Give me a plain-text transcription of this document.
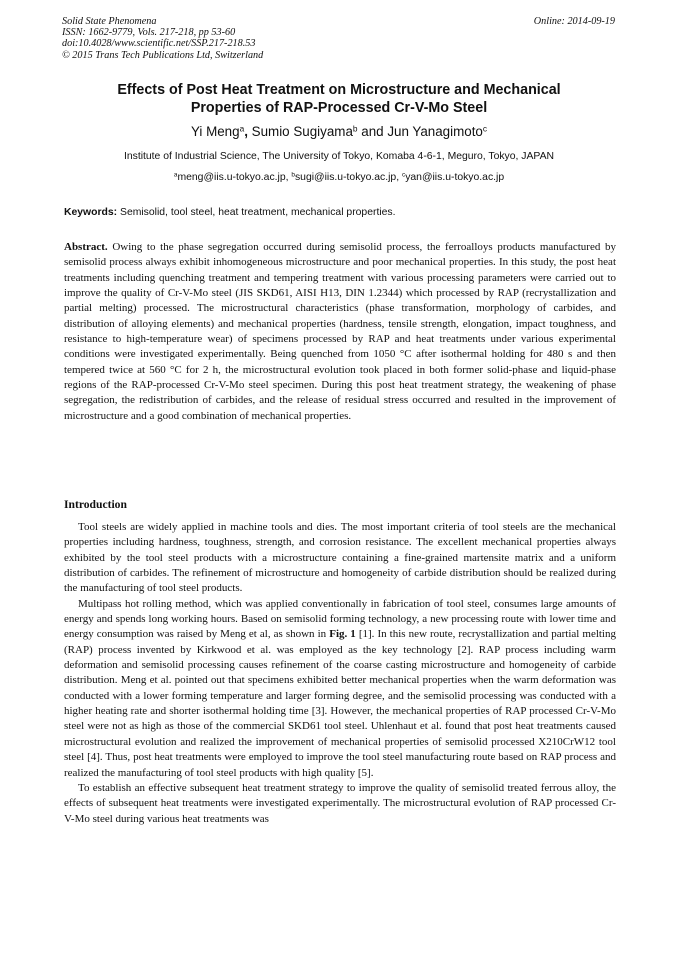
Solid State Phenomena
ISSN: 1662-9779, Vols. 217-218, pp 53-60
doi:10.4028/www.scientific.net/SSP.217-218.53
© 2015 Trans Tech Publications Ltd, Switzerland
Online: 2014-09-19
Effects of Post Heat Treatment on Microstructure and Mechanical
Properties of RAP-Processed Cr-V-Mo Steel
Yi Meng$^a$, Sumio Sugiyama$^b$ and Jun Yanagimoto$^c$
Institute of Industrial Science, The University of Tokyo, Komaba 4-6-1, Meguro, Tokyo, JAPAN
$^a$meng@iis.u-tokyo.ac.jp, $^b$sugi@iis.u-tokyo.ac.jp, $^c$yan@iis.u-tokyo.ac.jp
Keywords: Semisolid, tool steel, heat treatment, mechanical properties.
Abstract. Owing to the phase segregation occurred during semisolid process, the ferroalloys products manufactured by semisolid process always exhibit inhomogeneous microstructure and poor mechanical properties. In this study, the post heat treatments including quenching treatment and tempering treatment with various processing parameters were carried out to improve the quality of Cr-V-Mo steel (JIS SKD61, AISI H13, DIN 1.2344) which processed by RAP (recrystallization and partial melting) processed. The microstructural characteristics (phase transformation, morphology of carbides, and distribution of alloying elements) and mechanical properties (hardness, tensile strength, elongation, impact toughness, and resistance to high-temperature wear) of specimens processed by RAP and heat treatments under various experimental conditions were investigated experimentally. Being quenched from 1050 °C after isothermal holding for 480 s and then tempered twice at 560 °C for 2 h, the microstructural evolution took placed in both former solid-phase and liquid-phase regions of the RAP-processed Cr-V-Mo steel specimen. During this post heat treatment strategy, the weakening of phase segregation, the redistribution of carbides, and the release of residual stress occurred and resulted in the improvement of microstructure and a good combination of mechanical properties.
Introduction

Tool steels are widely applied in machine tools and dies. The most important criteria of tool steels are the mechanical properties including hardness, toughness, strength, and corrosion resistance. The excellent mechanical properties always exhibited by the tool steel products with a microstructure containing a fine-grained martensite matrix and a uniform distribution of carbides. The refinement of microstructure and homogeneity of carbide distribution should be realized during the manufacturing of tool steel products.

Multipass hot rolling method, which was applied conventionally in fabrication of tool steel, consumes large amounts of energy and spends long working hours. Based on semisolid forming technology, a new processing route with lower time and energy consumption was raised by Meng et al, as shown in Fig. 1 [1]. In this new route, recrystallization and partial melting (RAP) process invented by Kirkwood et al. was employed as the key technology [2]. RAP process including warm deformation and semisolid processing causes refinement of the coarse casting microstructure and homogeneity of carbide distribution. Meng et al. pointed out that specimens exhibited better mechanical properties when the warm deformation was conducted with a lower forming temperature and larger forming degree, and the semisolid processing was conducted with a higher heating rate and shorter isothermal holding time [3]. However, the mechanical properties of RAP processed Cr-V-Mo steel were not as high as those of the commercial SKD61 tool steel. Uhlenhaut et al. found that post heat treatments caused microstructural evolution and realized the improvement of mechanical properties of semisolid processed X210CrW12 tool steel [4]. Thus, post heat treatments were employed to improve the tool steel manufacturing route based on RAP process and realized the manufacturing of tool steel products with high quality [5].

To establish an effective subsequent heat treatment strategy to improve the quality of semisolid treated ferrous alloy, the effects of subsequent heat treatments were investigated experimentally. The microstructural evolution of RAP processed Cr-V-Mo steel during various heat treatments was
